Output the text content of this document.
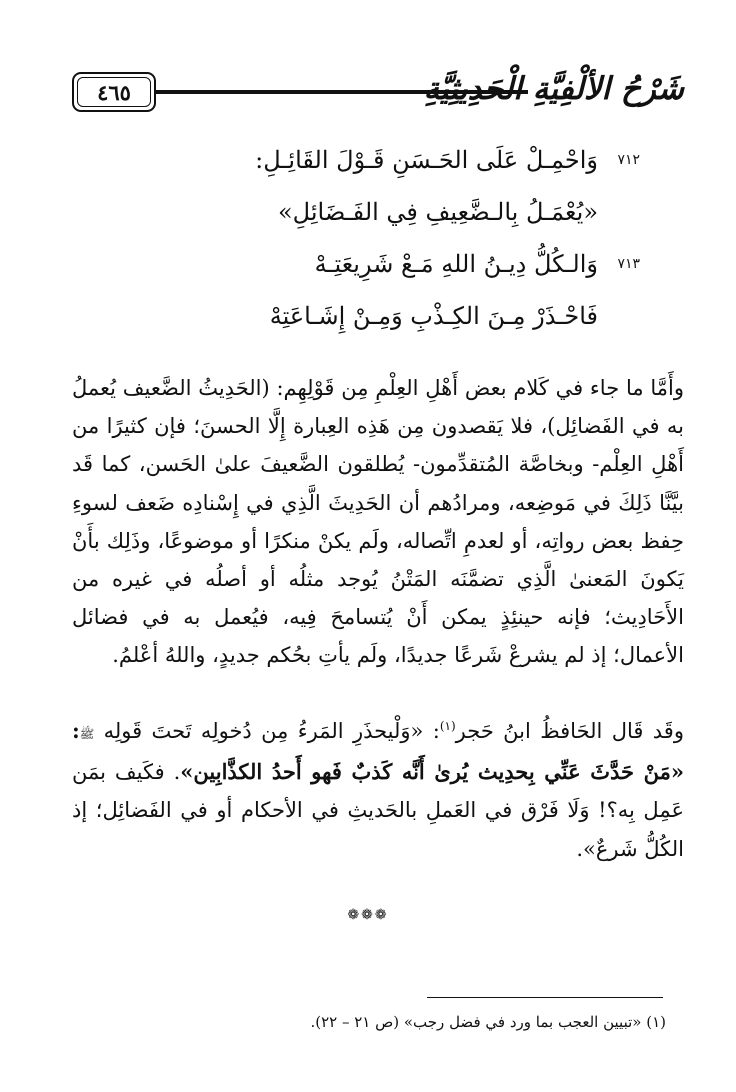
٤٦٥	شَرْحُ الألْفِيَّةِ الْحَدِيثِيَّةِ
٧١٢
وَاحْمِـلْ عَلَى الحَـسَنِ قَـوْلَ القَائِـلِ:
«يُعْمَـلُ بِالـضَّعِيفِ فِي الفَـضَائِلِ»
٧١٣
وَالـكُلُّ دِيـنُ اللهِ مَـعْ شَرِيعَتِـهْ
فَاحْـذَرْ مِـنَ الكِـذْبِ وَمِـنْ إِشَـاعَتِهْ
وأَمَّا ما جاء في كَلام بعض أَهْلِ العِلْمِ مِن قَوْلِهِم: (الحَدِيثُ الضَّعيف يُعملُ به في الفَضائِل)، فلا يَقصدون مِن هَذِه العِبارة إِلَّا الحسنَ؛ فإن كثيرًا من أَهْلِ العِلْم- وبخاصَّة المُتقدِّمون- يُطلقون الضَّعيفَ علىٰ الحَسن، كما قَد بيَّنَّا ذَلِكَ في مَوضِعه، ومرادُهم أن الحَدِيثَ الَّذِي في إِسْنادِه ضَعف لسوءِ حِفظ بعض رواتِه، أو لعدمِ اتِّصاله، ولَم يكنْ منكرًا أو موضوعًا، وذَلِك بأَنْ يَكونَ المَعنىٰ الَّذِي تضمَّنَه المَتْنُ يُوجد مثلُه أو أصلُه في غيره من الأَحَادِيث؛ فإنه حينئِذٍ يمكن أَنْ يُتسامحَ فِيه، فيُعمل به في فضائل الأعمال؛ إذ لم يشرعْ شَرعًا جديدًا، ولَم يأتِ بحُكم جديدٍ، واللهُ أعْلمُ.
وقَد قَال الحَافظُ ابنُ حَجر$^{(١)}$: «وَلْيحذَرِ المَرءُ مِن دُخولِه تَحتَ قَولِه ﷺ: «مَنْ حَدَّثَ عَنِّي بِحدِيث يُرىٰ أَنَّه كَذبٌ فَهو أَحدُ الكذَّابِين». فكَيف بمَن عَمِل بِه؟! وَلَا فَرْق في العَملِ بالحَديثِ في الأحكام أو في الفَضائِل؛ إذ الكُلُّ شَرعٌ».
❁❁❁
(١) «تبيين العجب بما ورد في فضل رجب» (ص ٢١ – ٢٢).
